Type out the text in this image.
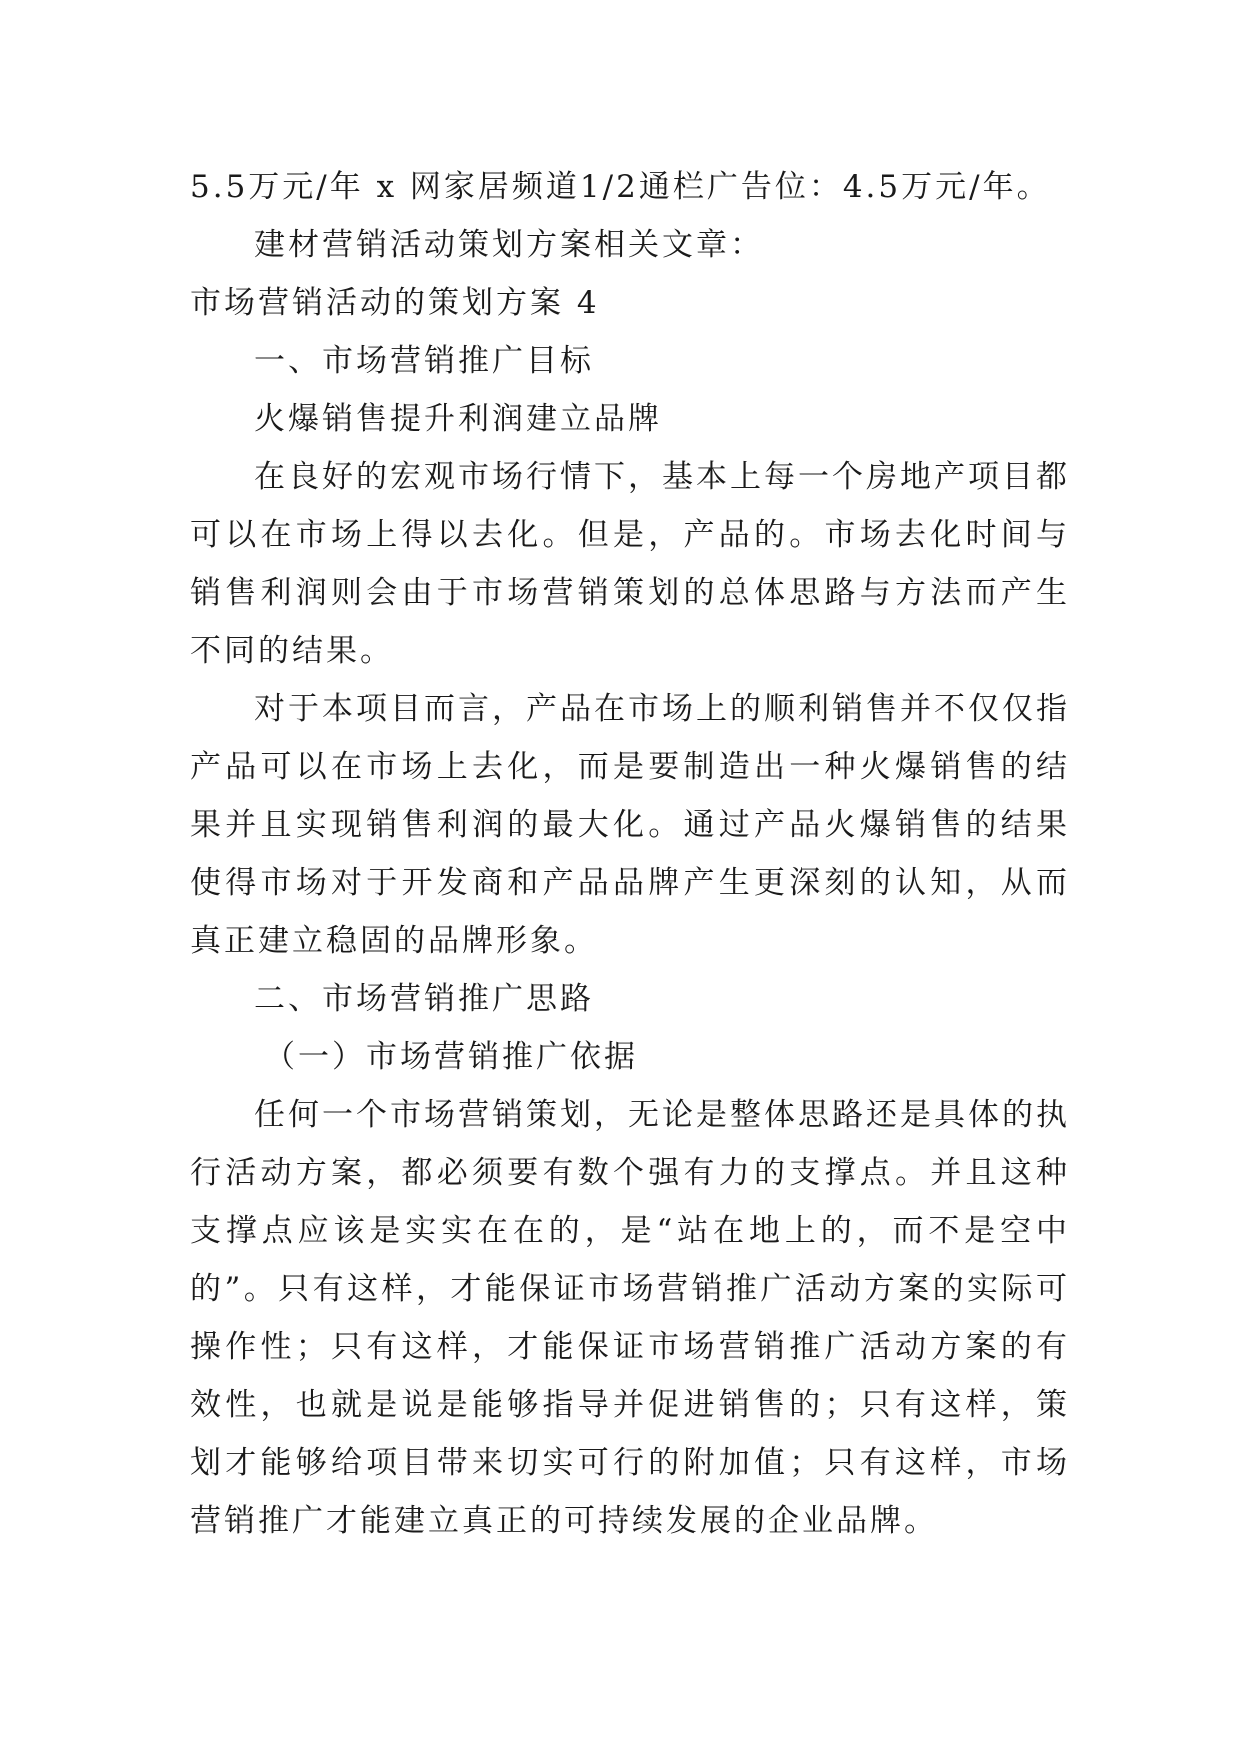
5.5万元/年 x 网家居频道1/2通栏广告位：4.5万元/年。
建材营销活动策划方案相关文章：
市场营销活动的策划方案 4
一、市场营销推广目标
火爆销售提升利润建立品牌
在良好的宏观市场行情下，基本上每一个房地产项目都可以在市场上得以去化。但是，产品的。市场去化时间与销售利润则会由于市场营销策划的总体思路与方法而产生不同的结果。
对于本项目而言，产品在市场上的顺利销售并不仅仅指产品可以在市场上去化，而是要制造出一种火爆销售的结果并且实现销售利润的最大化。通过产品火爆销售的结果使得市场对于开发商和产品品牌产生更深刻的认知，从而真正建立稳固的品牌形象。
二、市场营销推广思路
（一）市场营销推广依据
任何一个市场营销策划，无论是整体思路还是具体的执行活动方案，都必须要有数个强有力的支撑点。并且这种支撑点应该是实实在在的，是“站在地上的，而不是空中的”。只有这样，才能保证市场营销推广活动方案的实际可操作性；只有这样，才能保证市场营销推广活动方案的有效性，也就是说是能够指导并促进销售的；只有这样，策划才能够给项目带来切实可行的附加值；只有这样，市场营销推广才能建立真正的可持续发展的企业品牌。
